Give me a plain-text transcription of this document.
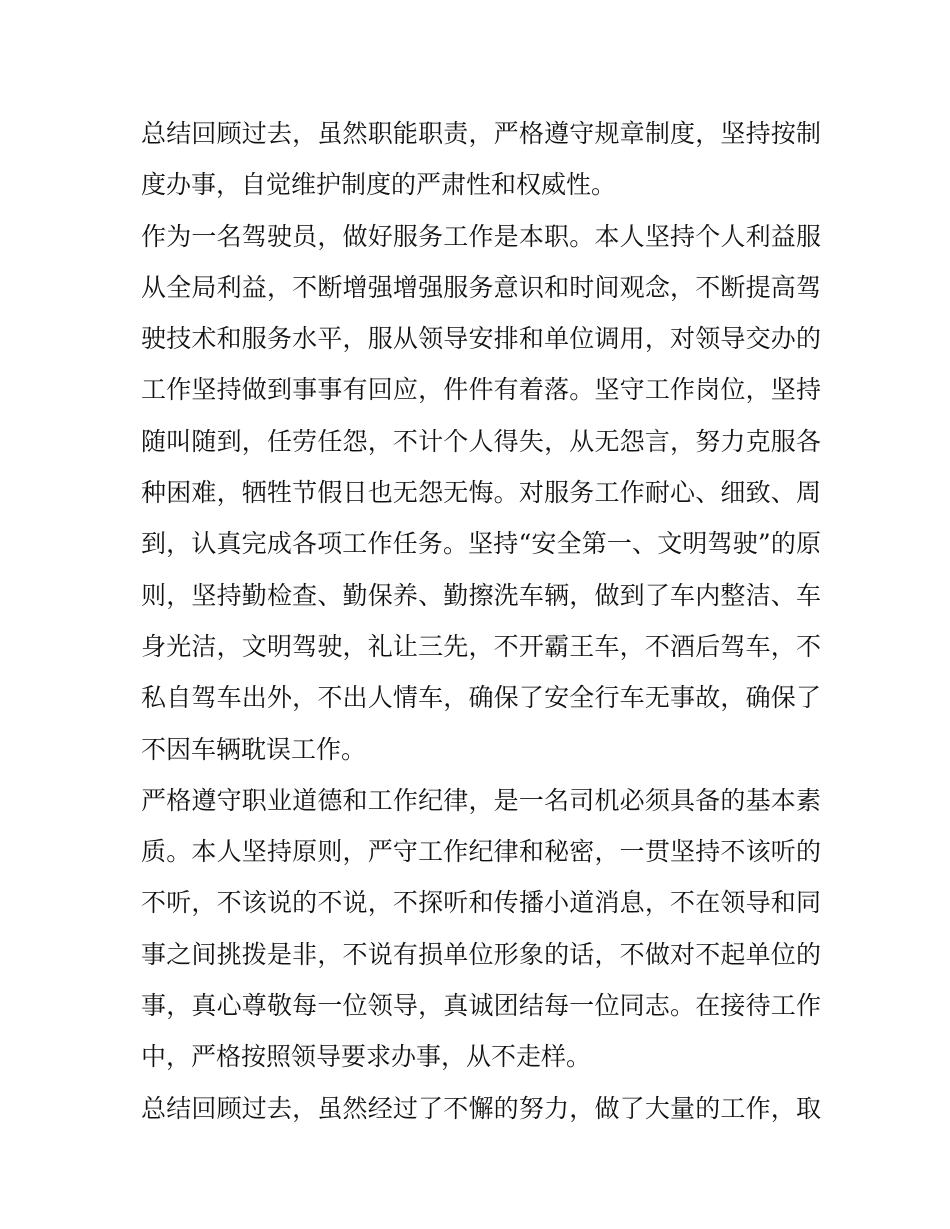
总结回顾过去，虽然职能职责，严格遵守规章制度，坚持按制
度办事，自觉维护制度的严肃性和权威性。
作为一名驾驶员，做好服务工作是本职。本人坚持个人利益服
从全局利益，不断增强增强服务意识和时间观念，不断提高驾
驶技术和服务水平，服从领导安排和单位调用，对领导交办的
工作坚持做到事事有回应，件件有着落。坚守工作岗位，坚持
随叫随到，任劳任怨，不计个人得失，从无怨言，努力克服各
种困难，牺牲节假日也无怨无悔。对服务工作耐心、细致、周
到，认真完成各项工作任务。坚持“安全第一、文明驾驶”的原
则，坚持勤检查、勤保养、勤擦洗车辆，做到了车内整洁、车
身光洁，文明驾驶，礼让三先，不开霸王车，不酒后驾车，不
私自驾车出外，不出人情车，确保了安全行车无事故，确保了
不因车辆耽误工作。
严格遵守职业道德和工作纪律，是一名司机必须具备的基本素
质。本人坚持原则，严守工作纪律和秘密，一贯坚持不该听的
不听，不该说的不说，不探听和传播小道消息，不在领导和同
事之间挑拨是非，不说有损单位形象的话，不做对不起单位的
事，真心尊敬每一位领导，真诚团结每一位同志。在接待工作
中，严格按照领导要求办事，从不走样。
总结回顾过去，虽然经过了不懈的努力，做了大量的工作，取
